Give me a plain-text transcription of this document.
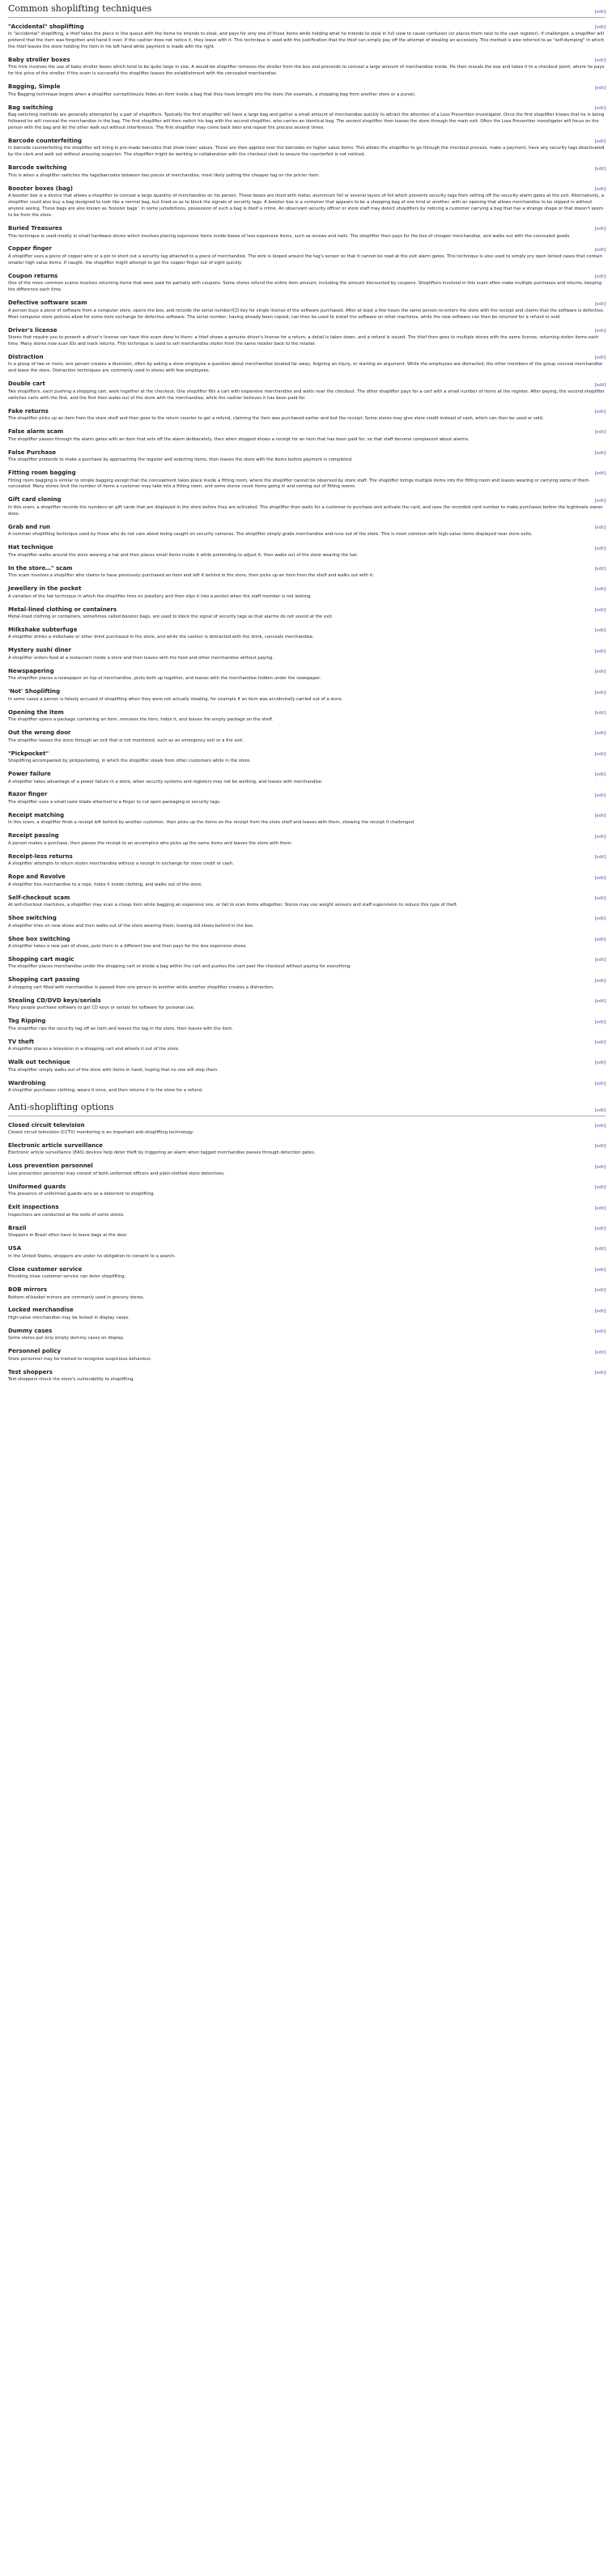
Common shoplifting techniques	[edit]
"Accidental" shoplifting	[edit]

In "accidental" shoplifting, a thief takes the place in line queue with the items he intends to steal, and pays for only one of those items while holding what he intends to steal in full view to cause confusion (or places them next to the cash register). If challenged, a shoplifter will pretend that the item was forgotten and hand it over. If the cashier does not notice it, they leave with it. This technique is used with the justification that the thief can simply pay off the attempt of stealing an accessory. This method is also referred to as "self-dumping" in which the thief leaves the store holding the item in his left hand while payment is made with the right.

Baby stroller boxes	[edit]

This trick involves the use of baby stroller boxes which tend to be quite large in size. A would-be shoplifter removes the stroller from the box and proceeds to conceal a large amount of merchandise inside. He then reseals the box and takes it to a checkout point, where he pays for the price of the stroller. If the scam is successful the shoplifter leaves the establishment with the concealed merchandise.

Bagging, Simple	[edit]

The Bagging technique begins when a shoplifter surreptitiously hides an item inside a bag that they have brought into the store (for example, a shopping bag from another store or a purse).

Bag switching	[edit]

Bag switching methods are generally attempted by a pair of shoplifters. Typically the first shoplifter will have a large bag and gather a small amount of merchandise quickly to attract the attention of a Loss Prevention investigator. Once the first shoplifter knows that he is being followed he will conceal the merchandise in the bag. The first shoplifter will then switch his bag with the second shoplifter, who carries an identical bag. The second shoplifter then leaves the store through the main exit. Often the Loss Prevention investigator will focus on the person with the bag and let the other walk out without interference. The first shoplifter may come back later and repeat the process several times.

Barcode counterfeiting	[edit]

In barcode counterfeiting the shoplifter will bring in pre-made barcodes that show lower values. These are then applied over the barcodes on higher value items. This allows the shoplifter to go through the checkout process, make a payment, have any security tags deactivated by the clerk and walk out without arousing suspicion. The shoplifter might be working in collaboration with the checkout clerk to ensure the counterfeit is not noticed.

Barcode switching	[edit]

This is when a shoplifter switches the tags/barcodes between two pieces of merchandise, most likely putting the cheaper tag on the pricier item.

Booster boxes (bag)	[edit]

A booster box is a device that allows a shoplifter to conceal a large quantity of merchandise on his person. These boxes are lined with metal, aluminium foil or several layers of foil which prevents security tags from setting off the security alarm gates at the exit. Alternatively, a shoplifter could also buy a bag designed to look like a normal bag, but lined so as to block the signals of security tags. A booster box is a container that appears to be a shopping bag of one kind or another, with an opening that allows merchandise to be slipped in without anyone seeing. These bags are also known as 'booster bags'. In some jurisdictions, possession of such a bag is itself a crime. An observant security officer or store staff may detect shoplifters by noticing a customer carrying a bag that has a strange shape or that doesn't seem to be from the store.

Buried Treasures	[edit]

This technique is used mostly in small hardware stores which involves placing expensive items inside boxes of less expensive items, such as screws and nails. The shoplifter then pays for the box of cheaper merchandise, and walks out with the concealed goods.

Copper finger	[edit]

A shoplifter uses a piece of copper wire or a pin to short out a security tag attached to a piece of merchandise. The wire is looped around the tag's sensor so that it cannot be read at the exit alarm gates. This technique is also used to simply pry open locked cases that contain smaller high value items. If caught, the shoplifter might attempt to get the copper finger out of sight quickly.

Coupon returns	[edit]

One of the more common scams involves returning items that were paid for partially with coupons. Some stores refund the entire item amount, including the amount discounted by coupons. Shoplifters involved in this scam often make multiple purchases and returns, keeping the difference each time.

Defective software scam	[edit]

A person buys a piece of software from a computer store, opens the box, and records the serial number/CD key for single license of the software purchased. After at least a few hours the same person re-enters the store with the receipt and claims that the software is defective. Most computer store policies allow for some item exchange for defective software. The serial number, having already been copied, can then be used to install the software on other machines, while the new software can then be returned for a refund or sold.

Driver's license	[edit]

Stores that require you to present a driver's license can have this scam done to them: a thief shows a genuine driver's license for a return, a detail is taken down, and a refund is issued. The thief then goes to multiple stores with the same license, returning stolen items each time. Many stores now scan IDs and track returns. This technique is used to sell merchandise stolen from the same retailer back to the retailer.

Distraction	[edit]

In a group of two or more, one person creates a diversion, often by asking a store employee a question about merchandise located far away, feigning an injury, or starting an argument. While the employees are distracted, the other members of the group conceal merchandise and leave the store. Distraction techniques are commonly used in stores with few employees.

Double cart	[edit]

Two shoplifters, each pushing a shopping cart, work together at the checkout. One shoplifter fills a cart with expensive merchandise and waits near the checkout. The other shoplifter pays for a cart with a small number of items at the register. After paying, the second shoplifter switches carts with the first, and the first then walks out of the store with the merchandise, while the cashier believes it has been paid for.

Fake returns	[edit]

The shoplifter picks up an item from the store shelf and then goes to the return counter to get a refund, claiming the item was purchased earlier and lost the receipt. Some stores may give store credit instead of cash, which can then be used or sold.

False alarm scam	[edit]

The shoplifter passes through the alarm gates with an item that sets off the alarm deliberately, then when stopped shows a receipt for an item that has been paid for, so that staff become complacent about alarms.

False Purchase	[edit]

The shoplifter pretends to make a purchase by approaching the register and selecting items, then leaves the store with the items before payment is completed.

Fitting room bagging	[edit]

Fitting room bagging is similar to simple bagging except that the concealment takes place inside a fitting room, where the shoplifter cannot be observed by store staff. The shoplifter brings multiple items into the fitting room and leaves wearing or carrying some of them concealed. Many stores limit the number of items a customer may take into a fitting room, and some stores count items going in and coming out of fitting rooms.

Gift card cloning	[edit]

In this scam, a shoplifter records the numbers on gift cards that are displayed in the store before they are activated. The shoplifter then waits for a customer to purchase and activate the card, and uses the recorded card number to make purchases before the legitimate owner does.

Grab and run	[edit]

A common shoplifting technique used by those who do not care about being caught on security cameras. The shoplifter simply grabs merchandise and runs out of the store. This is most common with high-value items displayed near store exits.

Hat technique	[edit]

The shoplifter walks around the store wearing a hat and then places small items inside it while pretending to adjust it, then walks out of the store wearing the hat.

In the store…" scam	[edit]

This scam involves a shoplifter who claims to have previously purchased an item and left it behind in the store, then picks up an item from the shelf and walks out with it.

Jewellery in the pocket	[edit]

A variation of the hat technique in which the shoplifter tries on jewellery and then slips it into a pocket when the staff member is not looking.

Metal-lined clothing or containers	[edit]

Metal-lined clothing or containers, sometimes called booster bags, are used to block the signal of security tags so that alarms do not sound at the exit.

Milkshake subterfuge	[edit]

A shoplifter drinks a milkshake or other drink purchased in the store, and while the cashier is distracted with the drink, conceals merchandise.

Mystery sushi diner	[edit]

A shoplifter orders food at a restaurant inside a store and then leaves with the food and other merchandise without paying.

Newspapering	[edit]

The shoplifter places a newspaper on top of merchandise, picks both up together, and leaves with the merchandise hidden under the newspaper.

'Not' Shoplifting	[edit]

In some cases a person is falsely accused of shoplifting when they were not actually stealing, for example if an item was accidentally carried out of a store.

Opening the item	[edit]

The shoplifter opens a package containing an item, removes the item, hides it, and leaves the empty package on the shelf.

Out the wrong door	[edit]

The shoplifter leaves the store through an exit that is not monitored, such as an emergency exit or a fire exit.

"Pickpocket"	[edit]

Shoplifting accompanied by pickpocketing, in which the shoplifter steals from other customers while in the store.

Power failure	[edit]

A shoplifter takes advantage of a power failure in a store, when security systems and registers may not be working, and leaves with merchandise.

Razor finger	[edit]

The shoplifter uses a small razor blade attached to a finger to cut open packaging or security tags.

Receipt matching	[edit]

In this scam, a shoplifter finds a receipt left behind by another customer, then picks up the items on the receipt from the store shelf and leaves with them, showing the receipt if challenged.

Receipt passing	[edit]

A person makes a purchase, then passes the receipt to an accomplice who picks up the same items and leaves the store with them.

Receipt-less returns	[edit]

A shoplifter attempts to return stolen merchandise without a receipt in exchange for store credit or cash.

Rope and Revolve	[edit]

A shoplifter ties merchandise to a rope, hides it inside clothing, and walks out of the store.

Self-checkout scam	[edit]

At self-checkout machines, a shoplifter may scan a cheap item while bagging an expensive one, or fail to scan items altogether. Stores may use weight sensors and staff supervision to reduce this type of theft.

Shoe switching	[edit]

A shoplifter tries on new shoes and then walks out of the store wearing them, leaving old shoes behind in the box.

Shoe box switching	[edit]

A shoplifter takes a new pair of shoes, puts them in a different box and then pays for the less expensive shoes.

Shopping cart magic	[edit]

The shoplifter places merchandise under the shopping cart or inside a bag within the cart and pushes the cart past the checkout without paying for everything.

Shopping cart passing	[edit]

A shopping cart filled with merchandise is passed from one person to another while another shoplifter creates a distraction.

Stealing CD/DVD keys/serials	[edit]

Many people purchase software to get CD keys or serials for software for personal use.

Tag Ripping	[edit]

The shoplifter rips the security tag off an item and leaves the tag in the store, then leaves with the item.

TV theft	[edit]

A shoplifter places a television in a shopping cart and wheels it out of the store.

Walk out technique	[edit]

The shoplifter simply walks out of the store with items in hand, hoping that no one will stop them.

Wardrobing	[edit]

A shoplifter purchases clothing, wears it once, and then returns it to the store for a refund.

Anti-shoplifting options	[edit]
Closed circuit television	[edit]

Closed circuit television (CCTV) monitoring is an important anti-shoplifting technology.

Electronic article surveillance	[edit]

Electronic article surveillance (EAS) devices help deter theft by triggering an alarm when tagged merchandise passes through detection gates.

Loss prevention personnel	[edit]

Loss prevention personnel may consist of both uniformed officers and plain-clothed store detectives.

Uniformed guards	[edit]

The presence of uniformed guards acts as a deterrent to shoplifting.

Exit inspections	[edit]

Inspections are conducted at the exits of some stores.

Brazil	[edit]

Shoppers in Brazil often have to leave bags at the door.

USA	[edit]

In the United States, shoppers are under no obligation to consent to a search.

Close customer service	[edit]

Providing close customer service can deter shoplifting.

BOB mirrors	[edit]

Bottom-of-basket mirrors are commonly used in grocery stores.

Locked merchandise	[edit]

High-value merchandise may be locked in display cases.

Dummy cases	[edit]

Some stores put only empty dummy cases on display.

Personnel policy	[edit]

Store personnel may be trained to recognise suspicious behaviour.

Test shoppers	[edit]

Test shoppers check the store's vulnerability to shoplifting.
